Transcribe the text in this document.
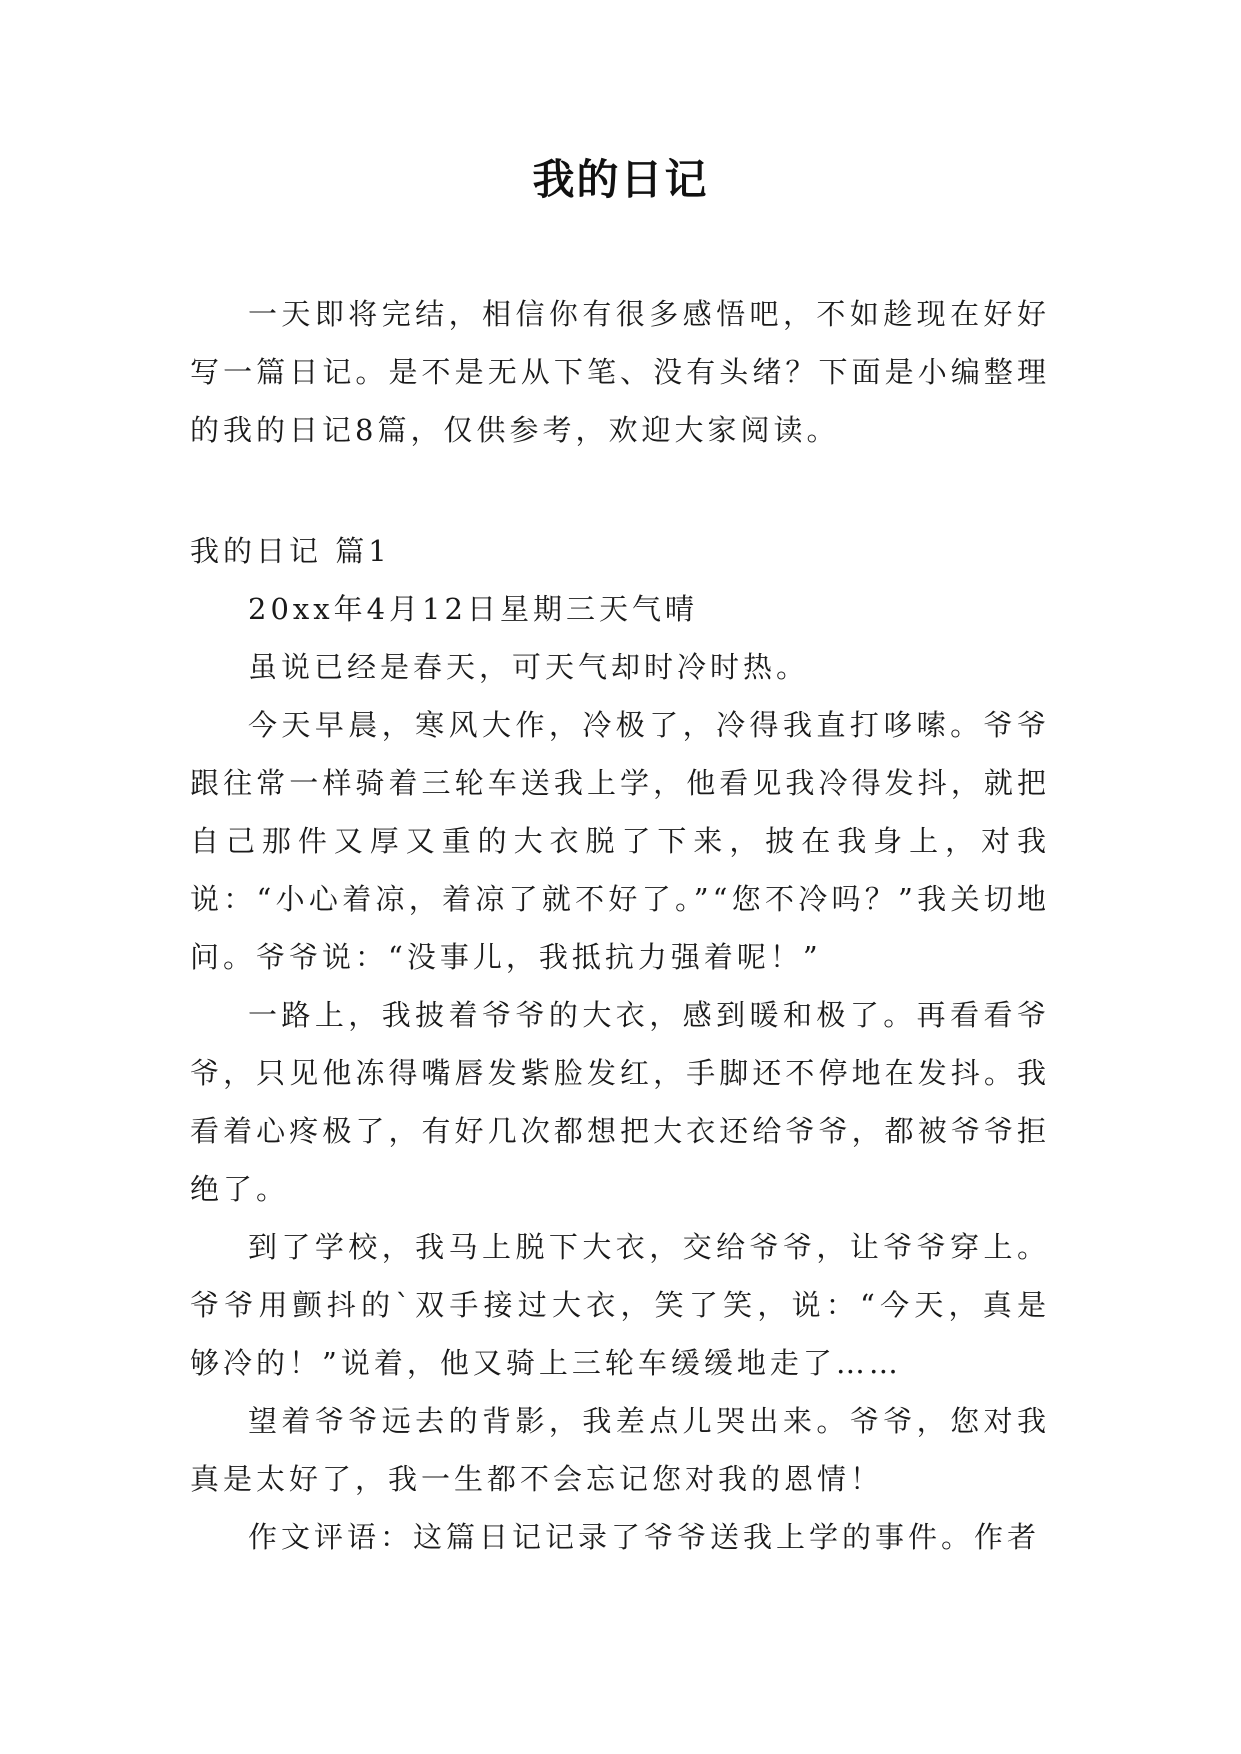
我的日记

一天即将完结，相信你有很多感悟吧，不如趁现在好好写一篇日记。是不是无从下笔、没有头绪？下面是小编整理的我的日记8篇，仅供参考，欢迎大家阅读。

我的日记 篇1

20xx年4月12日星期三天气晴

虽说已经是春天，可天气却时冷时热。

今天早晨，寒风大作，冷极了，冷得我直打哆嗦。爷爷跟往常一样骑着三轮车送我上学，他看见我冷得发抖，就把自己那件又厚又重的大衣脱了下来，披在我身上，对我说：“小心着凉，着凉了就不好了。”“您不冷吗？”我关切地问。爷爷说：“没事儿，我抵抗力强着呢！”

一路上，我披着爷爷的大衣，感到暖和极了。再看看爷爷，只见他冻得嘴唇发紫脸发红，手脚还不停地在发抖。我看着心疼极了，有好几次都想把大衣还给爷爷，都被爷爷拒绝了。

到了学校，我马上脱下大衣，交给爷爷，让爷爷穿上。爷爷用颤抖的`双手接过大衣，笑了笑，说：“今天，真是够冷的！”说着，他又骑上三轮车缓缓地走了……

望着爷爷远去的背影，我差点儿哭出来。爷爷，您对我真是太好了，我一生都不会忘记您对我的恩情！

作文评语：这篇日记记录了爷爷送我上学的事件。作者
